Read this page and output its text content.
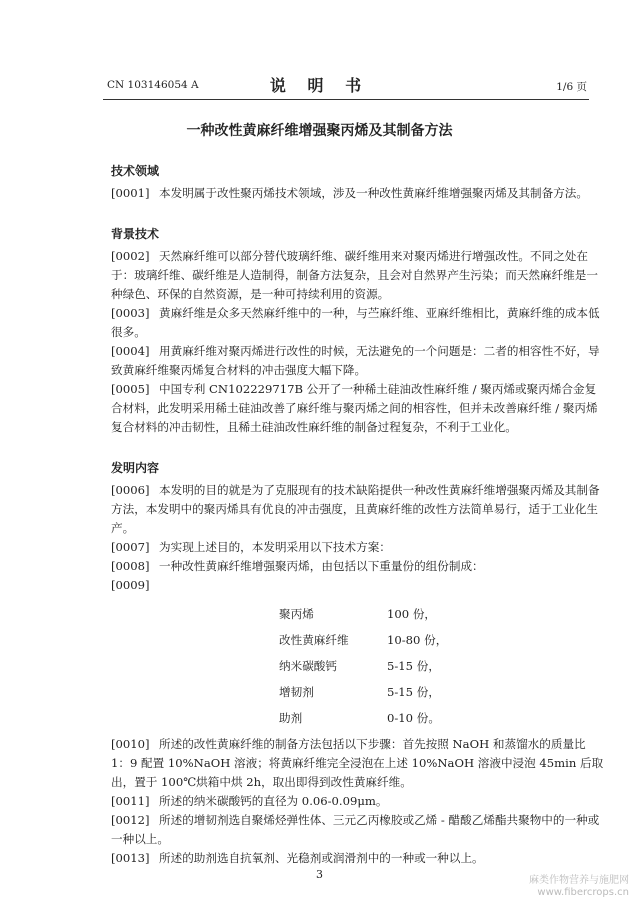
CN 103146054 A	说 明 书	1/6 页
一种改性黄麻纤维增强聚丙烯及其制备方法
技术领域
[0001] 本发明属于改性聚丙烯技术领域，涉及一种改性黄麻纤维增强聚丙烯及其制备方法。
背景技术
[0002] 天然麻纤维可以部分替代玻璃纤维、碳纤维用来对聚丙烯进行增强改性。不同之处在于：玻璃纤维、碳纤维是人造制得，制备方法复杂，且会对自然界产生污染；而天然麻纤维是一种绿色、环保的自然资源，是一种可持续利用的资源。
[0003] 黄麻纤维是众多天然麻纤维中的一种，与苎麻纤维、亚麻纤维相比，黄麻纤维的成本低很多。
[0004] 用黄麻纤维对聚丙烯进行改性的时候，无法避免的一个问题是：二者的相容性不好，导致黄麻纤维聚丙烯复合材料的冲击强度大幅下降。
[0005] 中国专利 CN102229717B 公开了一种稀土硅油改性麻纤维 / 聚丙烯或聚丙烯合金复合材料，此发明采用稀土硅油改善了麻纤维与聚丙烯之间的相容性，但并未改善麻纤维 / 聚丙烯复合材料的冲击韧性，且稀土硅油改性麻纤维的制备过程复杂，不利于工业化。
发明内容
[0006] 本发明的目的就是为了克服现有的技术缺陷提供一种改性黄麻纤维增强聚丙烯及其制备方法，本发明中的聚丙烯具有优良的冲击强度，且黄麻纤维的改性方法简单易行，适于工业化生产。
[0007] 为实现上述目的，本发明采用以下技术方案：
[0008] 一种改性黄麻纤维增强聚丙烯，由包括以下重量份的组份制成：
[0009]
聚丙烯	100 份，
改性黄麻纤维	10-80 份，
纳米碳酸钙	5-15 份，
增韧剂	5-15 份，
助剂	0-10 份。
[0010] 所述的改性黄麻纤维的制备方法包括以下步骤：首先按照 NaOH 和蒸馏水的质量比 1：9 配置 10%NaOH 溶液；将黄麻纤维完全浸泡在上述 10%NaOH 溶液中浸泡 45min 后取出，置于 100℃烘箱中烘 2h，取出即得到改性黄麻纤维。
[0011] 所述的纳米碳酸钙的直径为 0.06-0.09μm。
[0012] 所述的增韧剂选自聚烯烃弹性体、三元乙丙橡胶或乙烯 - 醋酸乙烯酯共聚物中的一种或一种以上。
[0013] 所述的助剂选自抗氧剂、光稳剂或润滑剂中的一种或一种以上。
3	麻类作物营养与施肥网
www.fibercrops.cn
